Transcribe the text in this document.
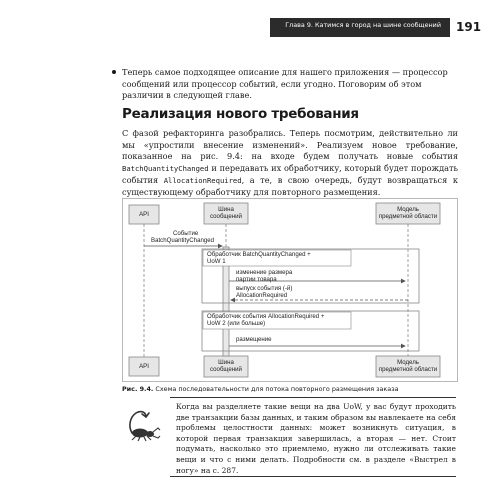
Глава 9. Катимся в город на шине сообщений 191
Теперь самое подходящее описание для нашего приложения — процессор сообщений или процессор событий, если угодно. Поговорим об этом различии в следующей главе.
Реализация нового требования

С фазой рефакторинга разобрались. Теперь посмотрим, действительно ли мы «упростили внесение изменений». Реализуем новое требование, показанное на рис. 9.4: на входе будем получать новые события BatchQuantityChanged и передавать их обработчику, который будет порождать события AllocationRequired, а те, в свою очередь, будут возвращаться к существующему обработчику для повторного размещения.

API
Шина
сообщений
Модель
предметной области
Событие
BatchQuantityChanged
Обработчик BatchQuantityChanged +
UoW 1
изменение размера
партии товара
выпуск события (-й)
AllocationRequired
Обработчик события AllocationRequired +
UoW 2 (или больше)
размещение
API
Шина
сообщений
Модель
предметной области
Рис. 9.4. Схема последовательности для потока повторного размещения заказа
Когда вы разделяете такие вещи на два UoW, у вас будут проходить две транзакции базы данных, и таким образом вы навлекаете на себя проблемы целостности данных: может возникнуть ситуация, в которой первая транзакция завершилась, а вторая — нет. Стоит подумать, насколько это приемлемо, нужно ли отслеживать такие вещи и что с ними делать. Подробности см. в разделе «Выстрел в ногу» на с. 287.
